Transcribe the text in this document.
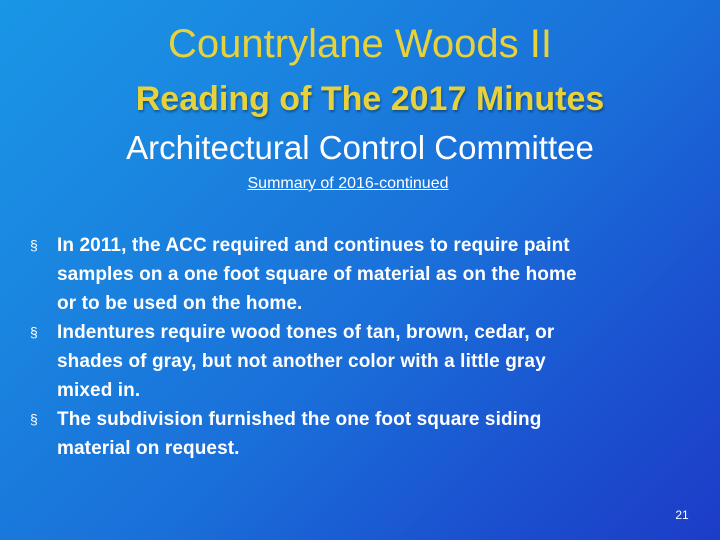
Countrylane Woods II
Reading of The 2017 Minutes
Architectural Control Committee
Summary of 2016-continued
§ In 2011, the ACC required and continues to require paint
samples on a one foot square of material as on the home
or to be used on the home.
§ Indentures require wood tones of tan, brown, cedar, or
shades of gray, but not another color with a little gray
mixed in.
§ The subdivision furnished the one foot square siding
material on request.
21
